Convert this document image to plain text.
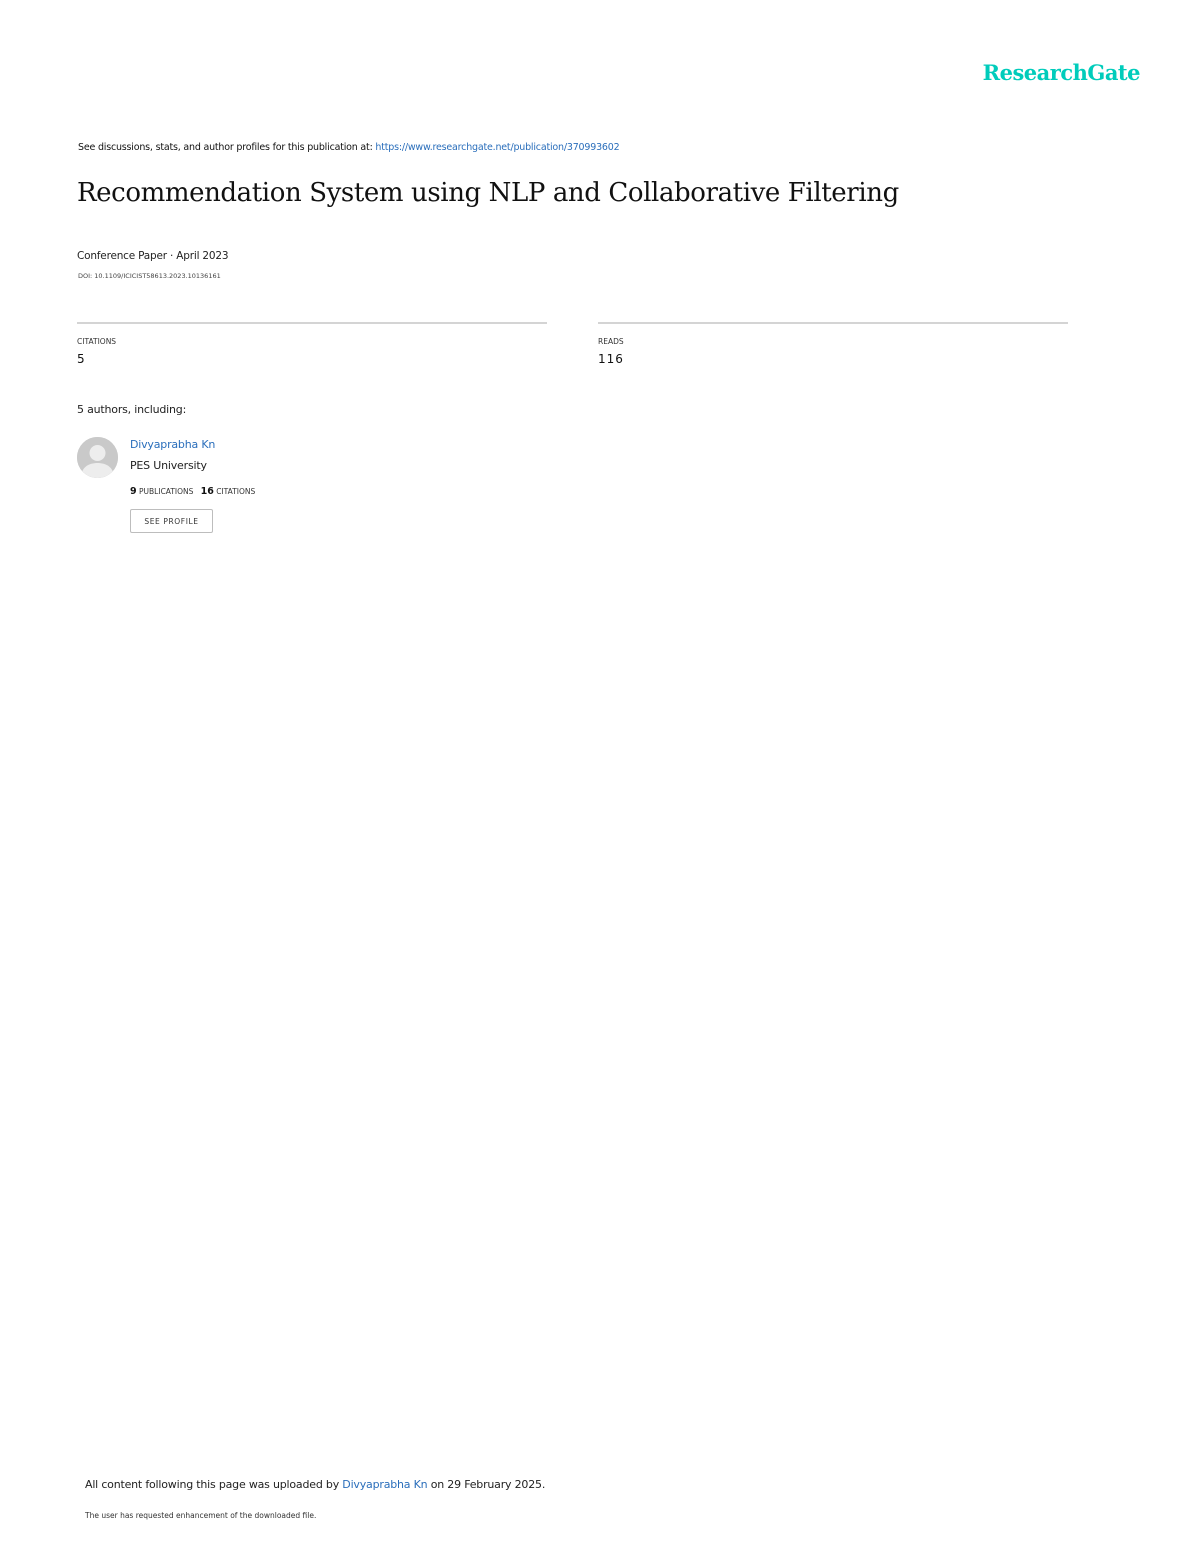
ResearchGate
See discussions, stats, and author profiles for this publication at: https://www.researchgate.net/publication/370993602
Recommendation System using NLP and Collaborative Filtering
Conference Paper · April 2023
DOI: 10.1109/ICICIST58613.2023.10136161
CITATIONS
5
READS
116
5 authors, including:
Divyaprabha Kn
PES University
9 PUBLICATIONS 16 CITATIONS
SEE PROFILE
All content following this page was uploaded by Divyaprabha Kn on 29 February 2025.
The user has requested enhancement of the downloaded file.
